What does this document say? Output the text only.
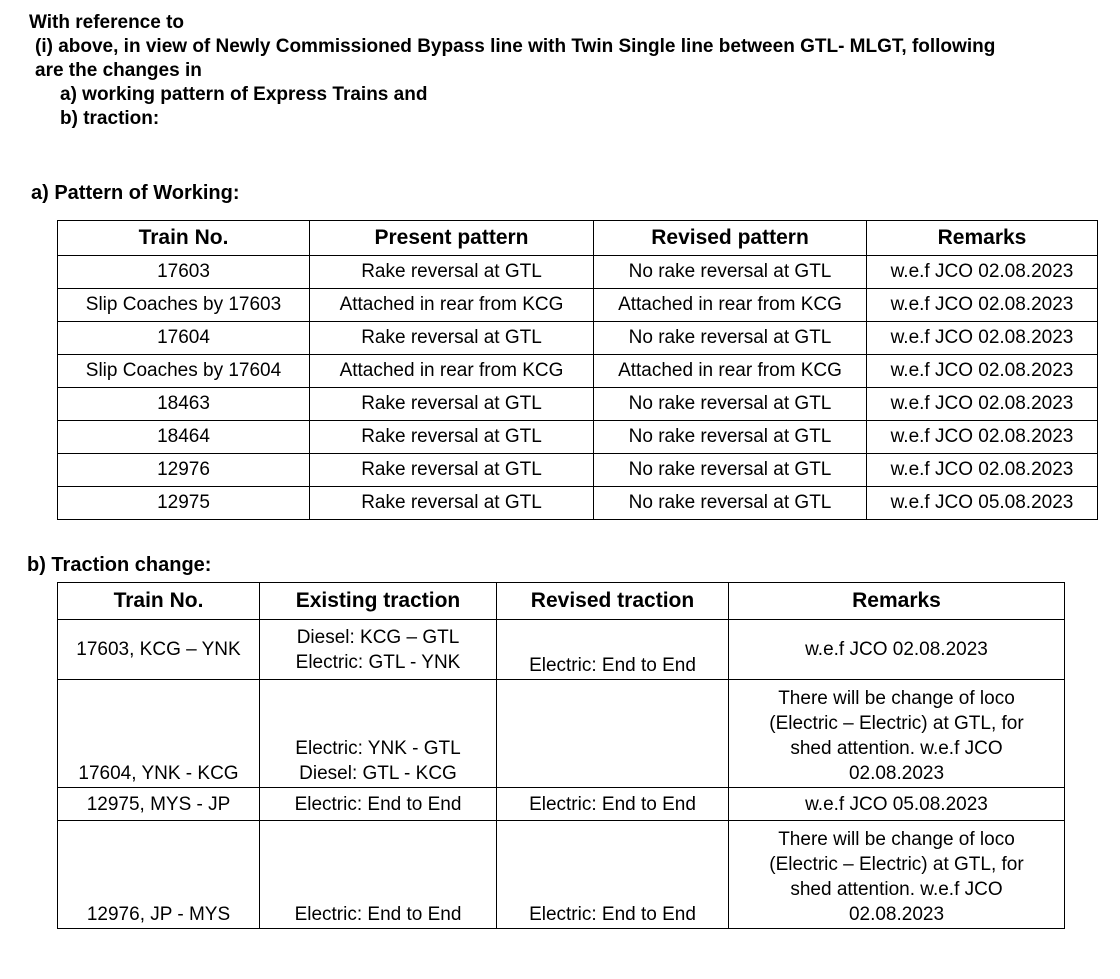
With reference to
(i) above, in view of Newly Commissioned Bypass line with Twin Single line between GTL- MLGT, following
are the changes in
a) working pattern of Express Trains and
b) traction:
a) Pattern of Working:
Train No.	Present pattern	Revised pattern	Remarks
17603	Rake reversal at GTL	No rake reversal at GTL	w.e.f JCO 02.08.2023
Slip Coaches by 17603	Attached in rear from KCG	Attached in rear from KCG	w.e.f JCO 02.08.2023
17604	Rake reversal at GTL	No rake reversal at GTL	w.e.f JCO 02.08.2023
Slip Coaches by 17604	Attached in rear from KCG	Attached in rear from KCG	w.e.f JCO 02.08.2023
18463	Rake reversal at GTL	No rake reversal at GTL	w.e.f JCO 02.08.2023
18464	Rake reversal at GTL	No rake reversal at GTL	w.e.f JCO 02.08.2023
12976	Rake reversal at GTL	No rake reversal at GTL	w.e.f JCO 02.08.2023
12975	Rake reversal at GTL	No rake reversal at GTL	w.e.f JCO 05.08.2023
b) Traction change:
Train No.	Existing traction	Revised traction	Remarks
17603, KCG – YNK	Diesel: KCG – GTL
Electric: GTL - YNK	Electric: End to End	w.e.f JCO 02.08.2023

17604, YNK - KCG	Electric: YNK - GTL
Diesel: GTL - KCG		There will be change of loco
(Electric – Electric) at GTL, for
shed attention. w.e.f JCO
02.08.2023

12975, MYS - JP	Electric: End to End	Electric: End to End	w.e.f JCO 05.08.2023

12976, JP - MYS	Electric: End to End	Electric: End to End	There will be change of loco
(Electric – Electric) at GTL, for
shed attention. w.e.f JCO
02.08.2023
